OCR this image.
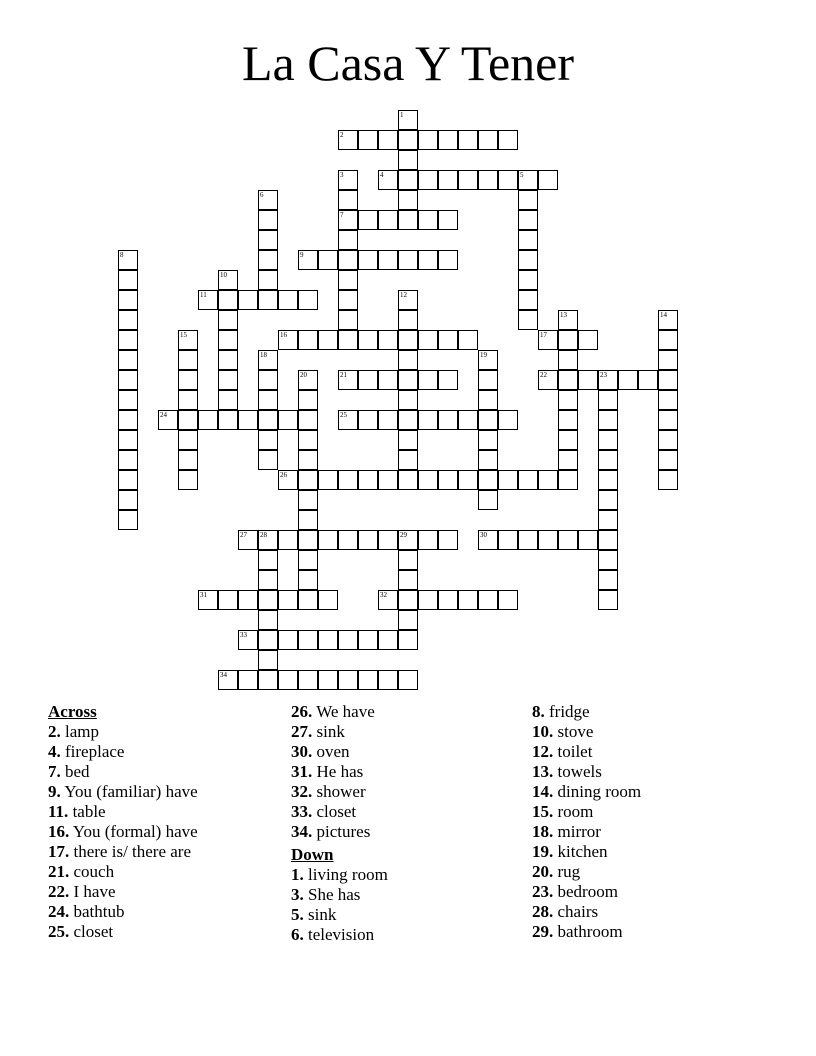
La Casa Y Tener
1
2
3
7
4	5
6
8	9
10
11	12
13	14
15	16	17
18	19
20	21	22	23
24	25
26
27 28	29	30
31	32
33
34
Across
2. lamp
4. fireplace
7. bed
9. You (familiar) have
11. table
16. You (formal) have
17. there is/ there are
21. couch
22. I have
24. bathtub
25. closet
26. We have
27. sink
30. oven
31. He has
32. shower
33. closet
34. pictures
Down
1. living room
3. She has
5. sink
6. television
8. fridge
10. stove
12. toilet
13. towels
14. dining room
15. room
18. mirror
19. kitchen
20. rug
23. bedroom
28. chairs
29. bathroom
